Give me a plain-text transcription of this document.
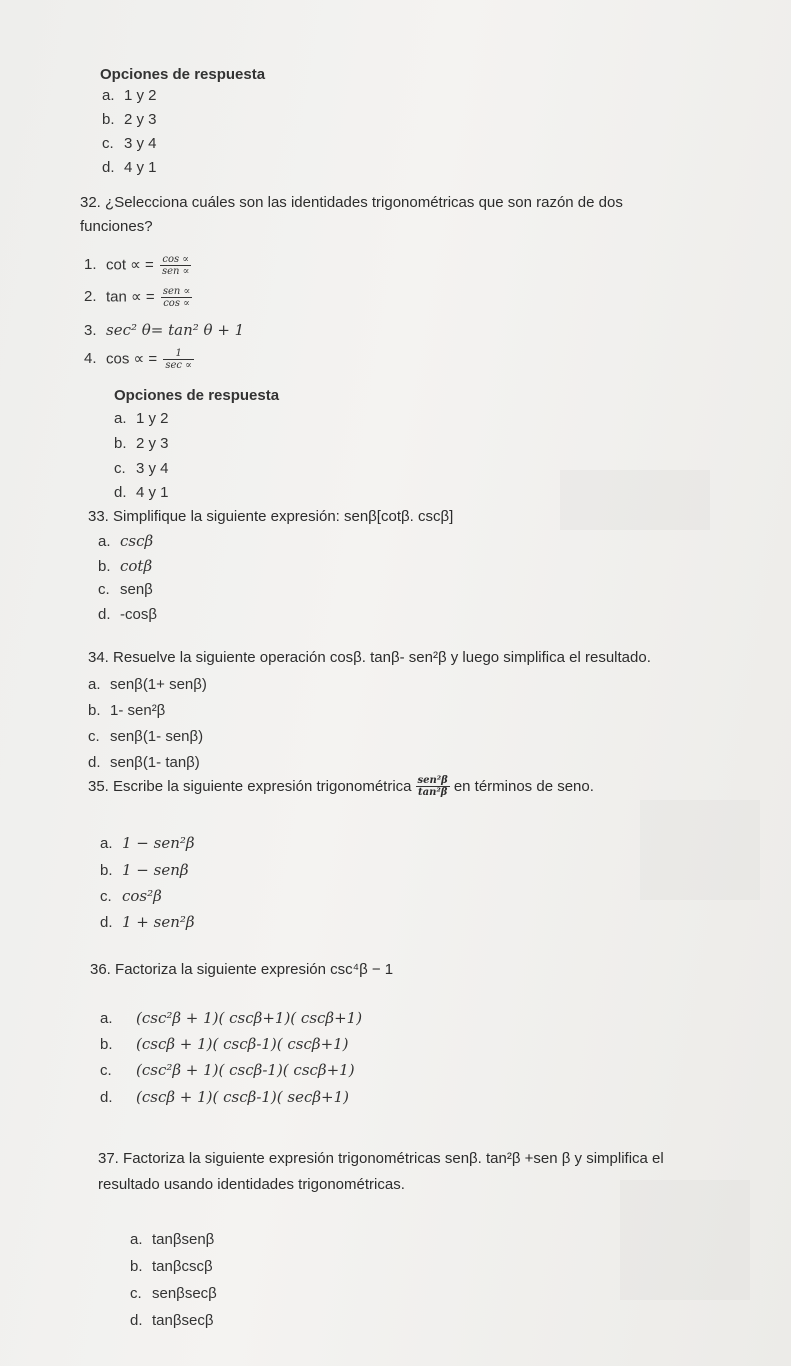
Opciones de respuesta
a. 1 y 2
b. 2 y 3
c. 3 y 4
d. 4 y 1
32. ¿Selecciona cuáles son las identidades trigonométricas que son razón de dos
funciones?
1. cot ∝ = $\frac{\cos \propto}{\text{sen ∝}}$
2. tan ∝ = $\frac{\text{sen ∝}}{\cos \propto}$
3. sec² θ= tan² θ + 1
4. cos ∝ = $\frac{1}{\sec \propto}$
Opciones de respuesta
a. 1 y 2
b. 2 y 3
c. 3 y 4
d. 4 y 1
33. Simplifique la siguiente expresión: senβ[cotβ. cscβ]
a. cscβ
b. cotβ
c. senβ
d. -cosβ
34. Resuelve la siguiente operación cosβ. tanβ- sen²β y luego simplifica el resultado.
a. senβ(1+ senβ)
b. 1- sen²β
c. senβ(1- senβ)
d. senβ(1- tanβ)
35.
Escribe la siguiente expresión trigonométrica $\frac{\text{sen²β}}{\text{tan²β}}$ en términos de seno.
a. 1 − sen²β
b. 1 − senβ
c. cos²β
d. 1 + sen²β
36. Factoriza la siguiente expresión csc⁴β − 1
a. (csc²β + 1)( cscβ+1)( cscβ+1)
b. (cscβ + 1)( cscβ-1)( cscβ+1)
c. (csc²β + 1)( cscβ-1)( cscβ+1)
d. (cscβ + 1)( cscβ-1)( secβ+1)
37. Factoriza la siguiente expresión trigonométricas senβ. tan²β +sen β y simplifica el
resultado usando identidades trigonométricas.
a. tanβsenβ
b. tanβcscβ
c. senβsecβ
d. tanβsecβ
